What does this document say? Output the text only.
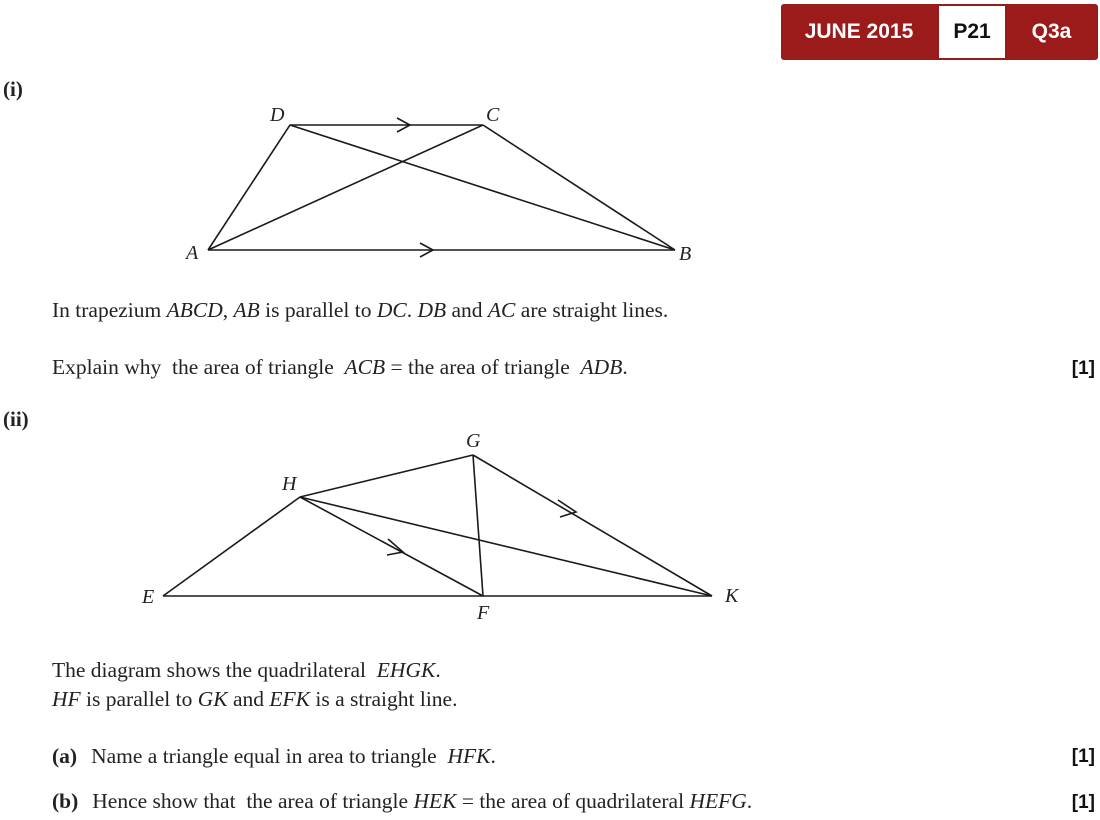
JUNE 2015	P21	Q3a
(i)
A	B
C
D
E
F
G
H
K
In trapezium ABCD, AB is parallel to DC. DB and AC are straight lines.
Explain why  the area of triangle  ACB = the area of triangle  ADB.	[1]
(ii)
The diagram shows the quadrilateral  EHGK.
HF is parallel to GK and EFK is a straight line.
(a) Name a triangle equal in area to triangle  HFK.	[1]
(b) Hence show that  the area of triangle HEK = the area of quadrilateral HEFG.	[1]
